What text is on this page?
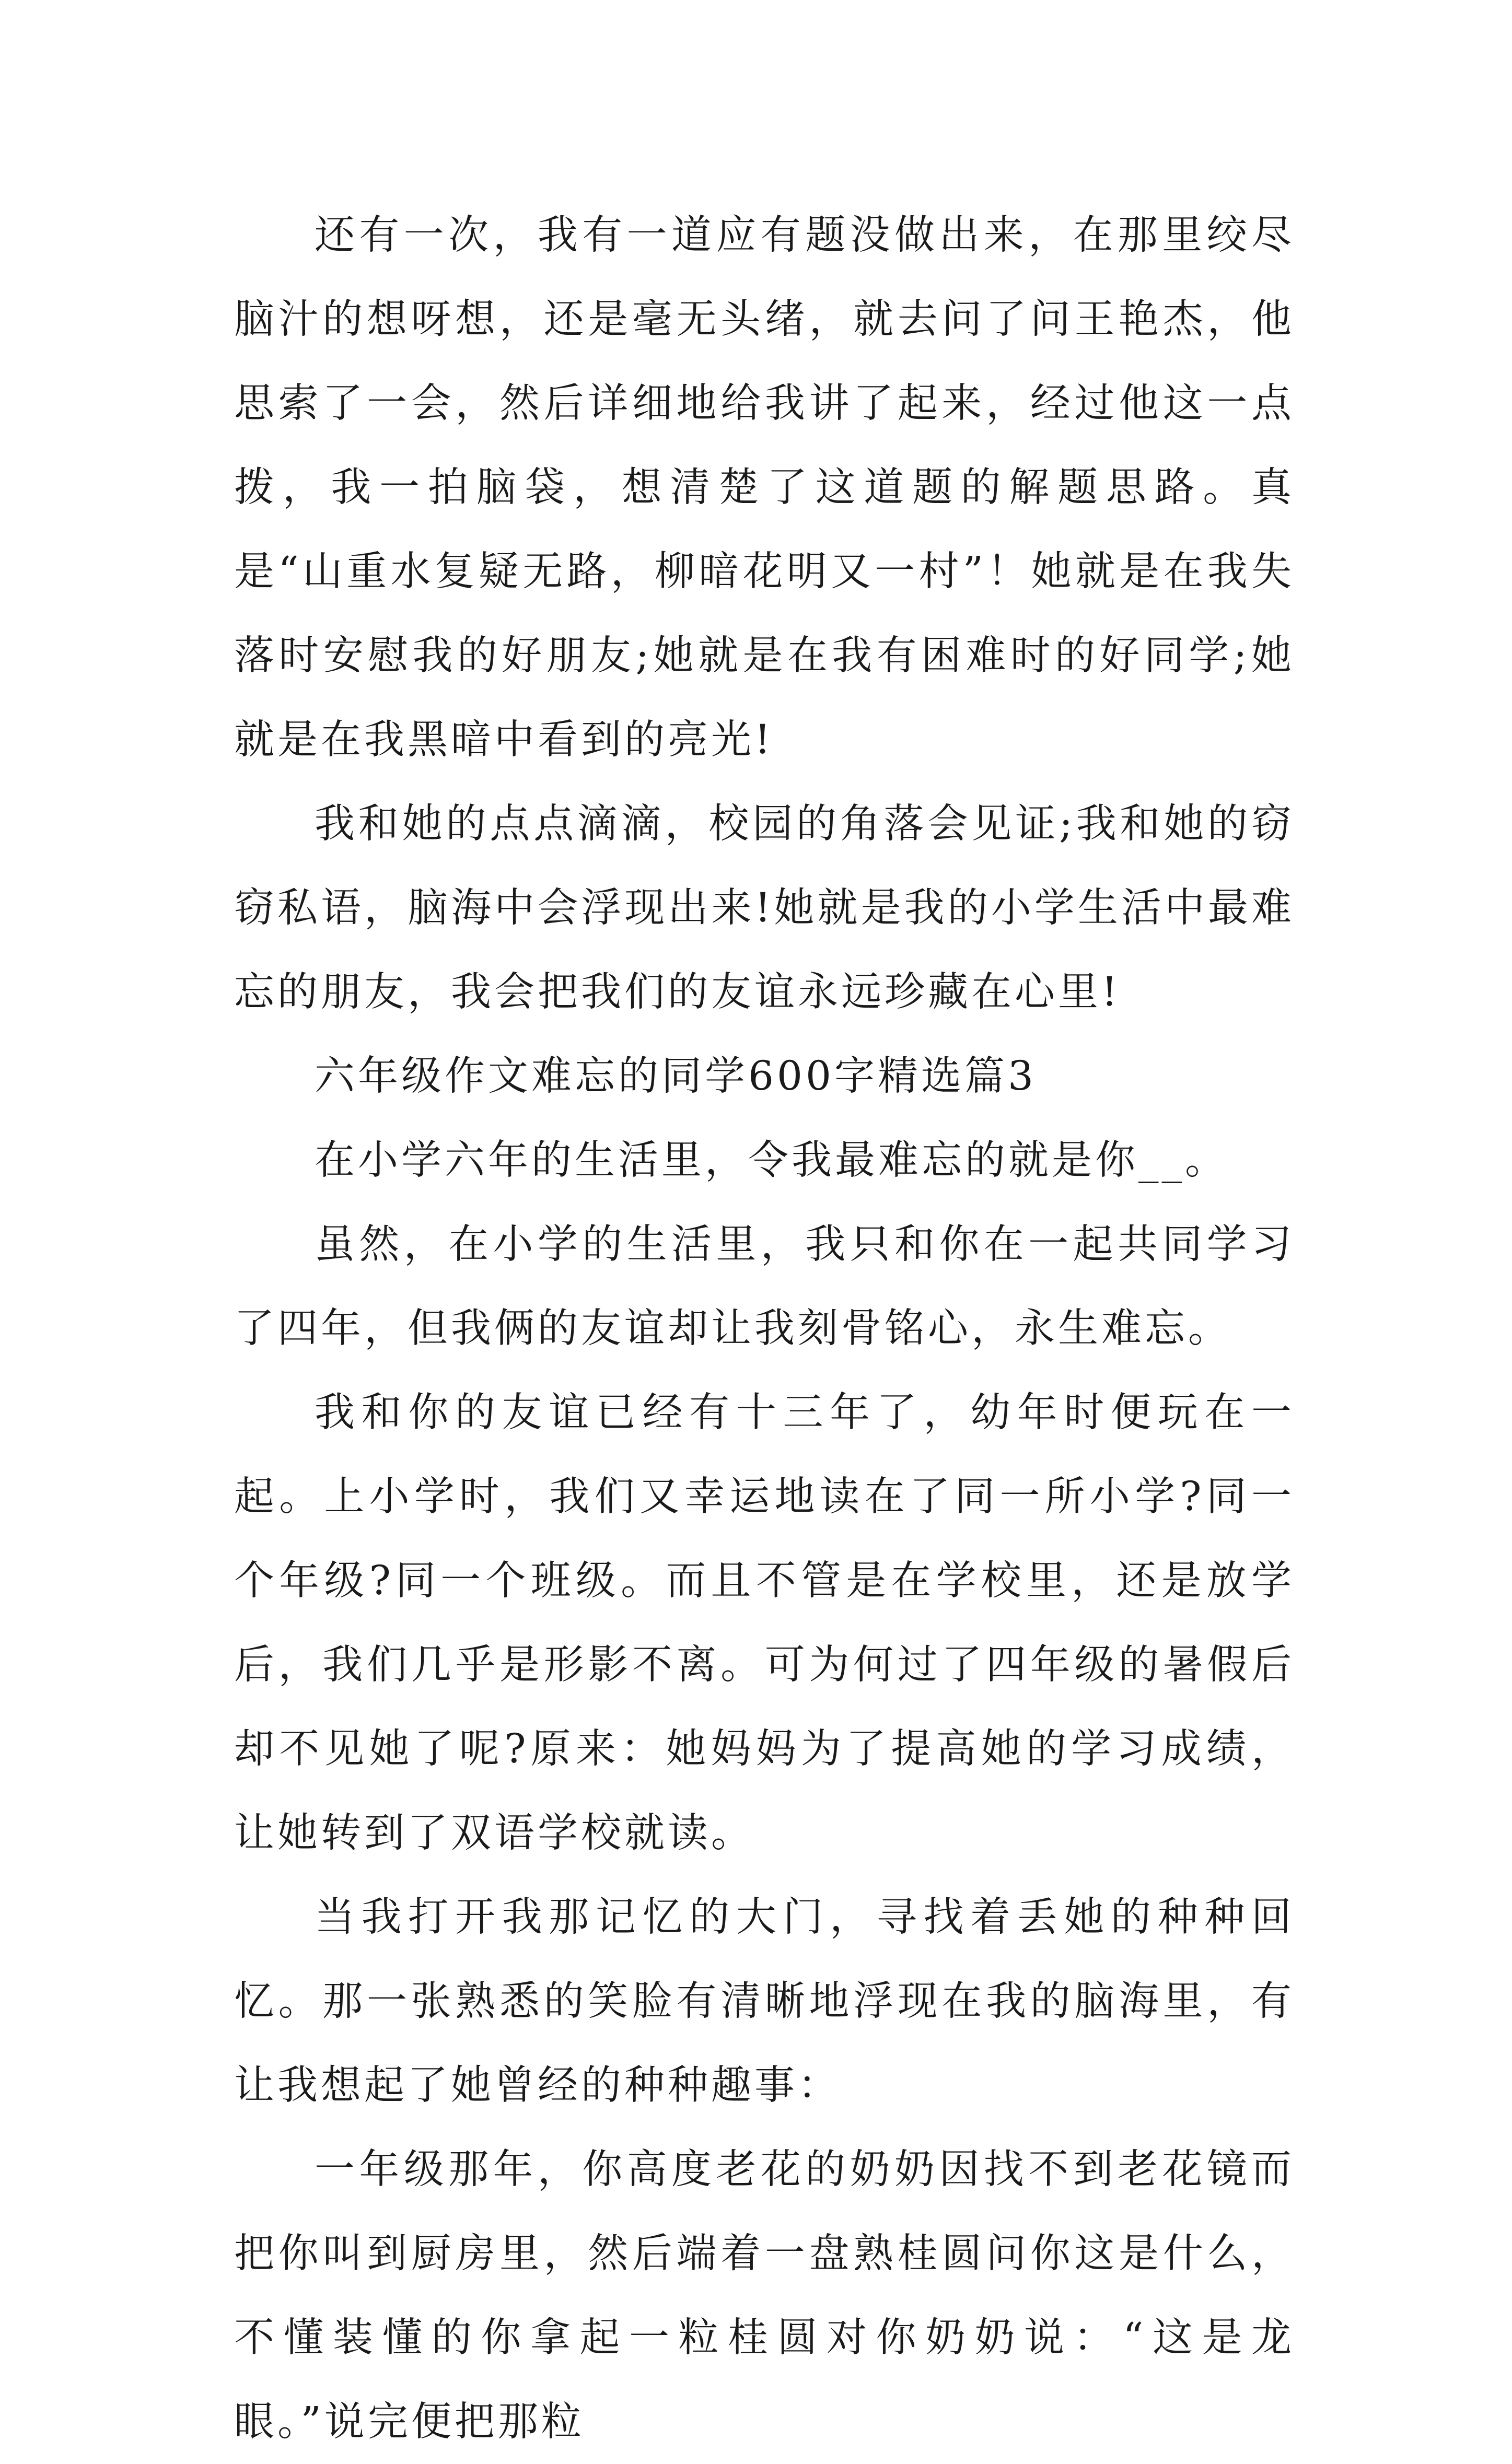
还有一次，我有一道应有题没做出来，在那里绞尽脑汁的想呀想，还是毫无头绪，就去问了问王艳杰，他思索了一会，然后详细地给我讲了起来，经过他这一点拨，我一拍脑袋，想清楚了这道题的解题思路。真是“山重水复疑无路，柳暗花明又一村”！她就是在我失落时安慰我的好朋友;她就是在我有困难时的好同学;她就是在我黑暗中看到的亮光!

我和她的点点滴滴，校园的角落会见证;我和她的窃窃私语，脑海中会浮现出来!她就是我的小学生活中最难忘的朋友，我会把我们的友谊永远珍藏在心里!

六年级作文难忘的同学600字精选篇3

在小学六年的生活里，令我最难忘的就是你__。

虽然，在小学的生活里，我只和你在一起共同学习了四年，但我俩的友谊却让我刻骨铭心，永生难忘。

我和你的友谊已经有十三年了，幼年时便玩在一起。上小学时，我们又幸运地读在了同一所小学?同一个年级?同一个班级。而且不管是在学校里，还是放学后，我们几乎是形影不离。可为何过了四年级的暑假后却不见她了呢?原来：她妈妈为了提高她的学习成绩，让她转到了双语学校就读。

当我打开我那记忆的大门，寻找着丢她的种种回忆。那一张熟悉的笑脸有清晰地浮现在我的脑海里，有让我想起了她曾经的种种趣事：

一年级那年，你高度老花的奶奶因找不到老花镜而把你叫到厨房里，然后端着一盘熟桂圆问你这是什么，不懂装懂的你拿起一粒桂圆对你奶奶说：“这是龙眼。”说完便把那粒
